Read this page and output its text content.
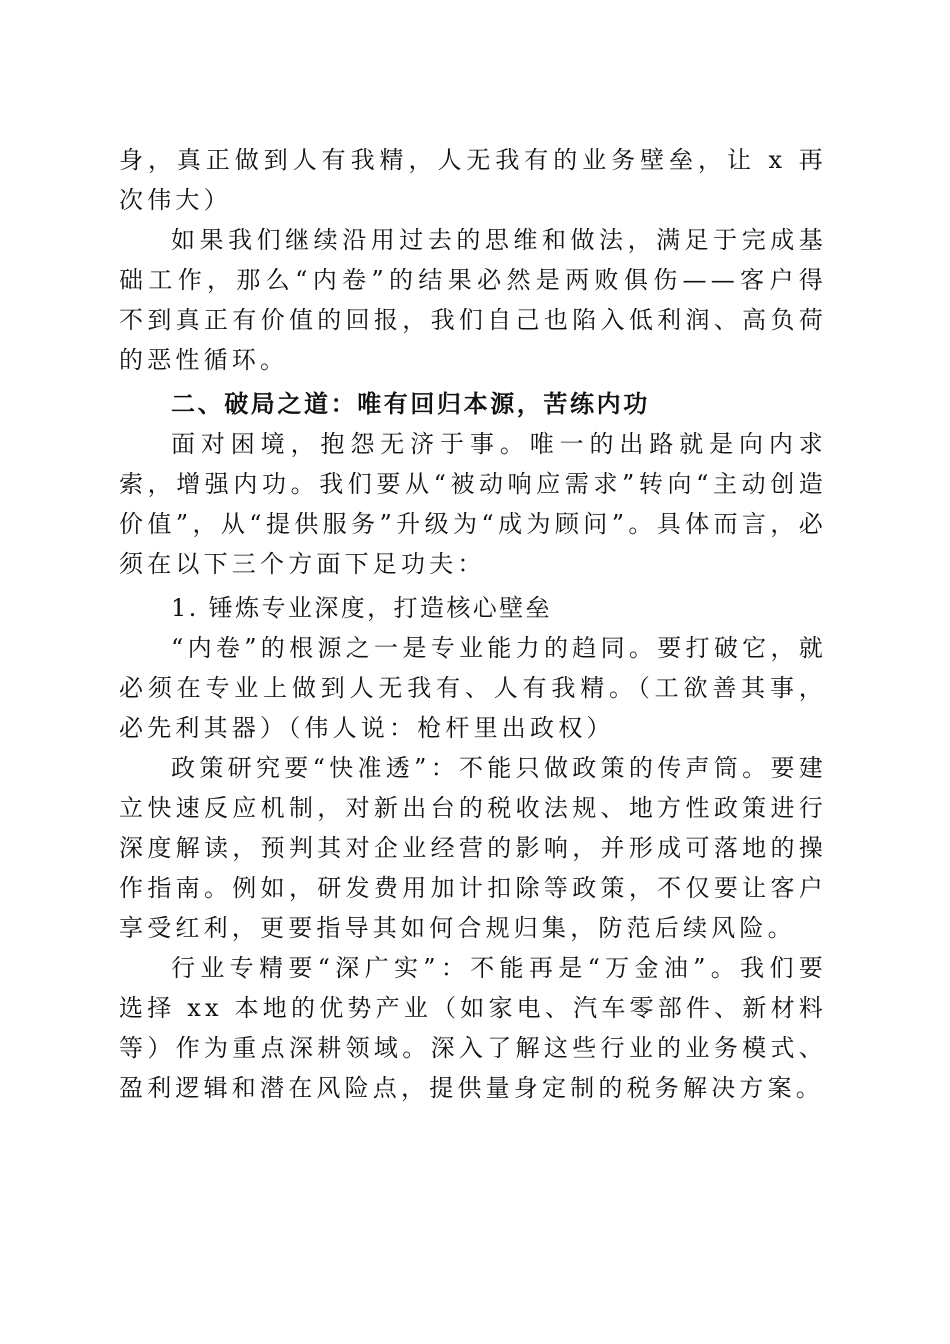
身，真正做到人有我精，人无我有的业务壁垒，让 x 再次伟大）

如果我们继续沿用过去的思维和做法，满足于完成基础工作，那么“内卷”的结果必然是两败俱伤——客户得不到真正有价值的回报，我们自己也陷入低利润、高负荷的恶性循环。

二、破局之道：唯有回归本源，苦练内功

面对困境，抱怨无济于事。唯一的出路就是向内求索，增强内功。我们要从“被动响应需求”转向“主动创造价值”，从“提供服务”升级为“成为顾问”。具体而言，必须在以下三个方面下足功夫：

1. 锤炼专业深度，打造核心壁垒

“内卷”的根源之一是专业能力的趋同。要打破它，就必须在专业上做到人无我有、人有我精。（工欲善其事，必先利其器）（伟人说：枪杆里出政权）

政策研究要“快准透”：不能只做政策的传声筒。要建立快速反应机制，对新出台的税收法规、地方性政策进行深度解读，预判其对企业经营的影响，并形成可落地的操作指南。例如，研发费用加计扣除等政策，不仅要让客户享受红利，更要指导其如何合规归集，防范后续风险。

行业专精要“深广实”：不能再是“万金油”。我们要选择 xx 本地的优势产业（如家电、汽车零部件、新材料等）作为重点深耕领域。深入了解这些行业的业务模式、盈利逻辑和潜在风险点，提供量身定制的税务解决方案。
